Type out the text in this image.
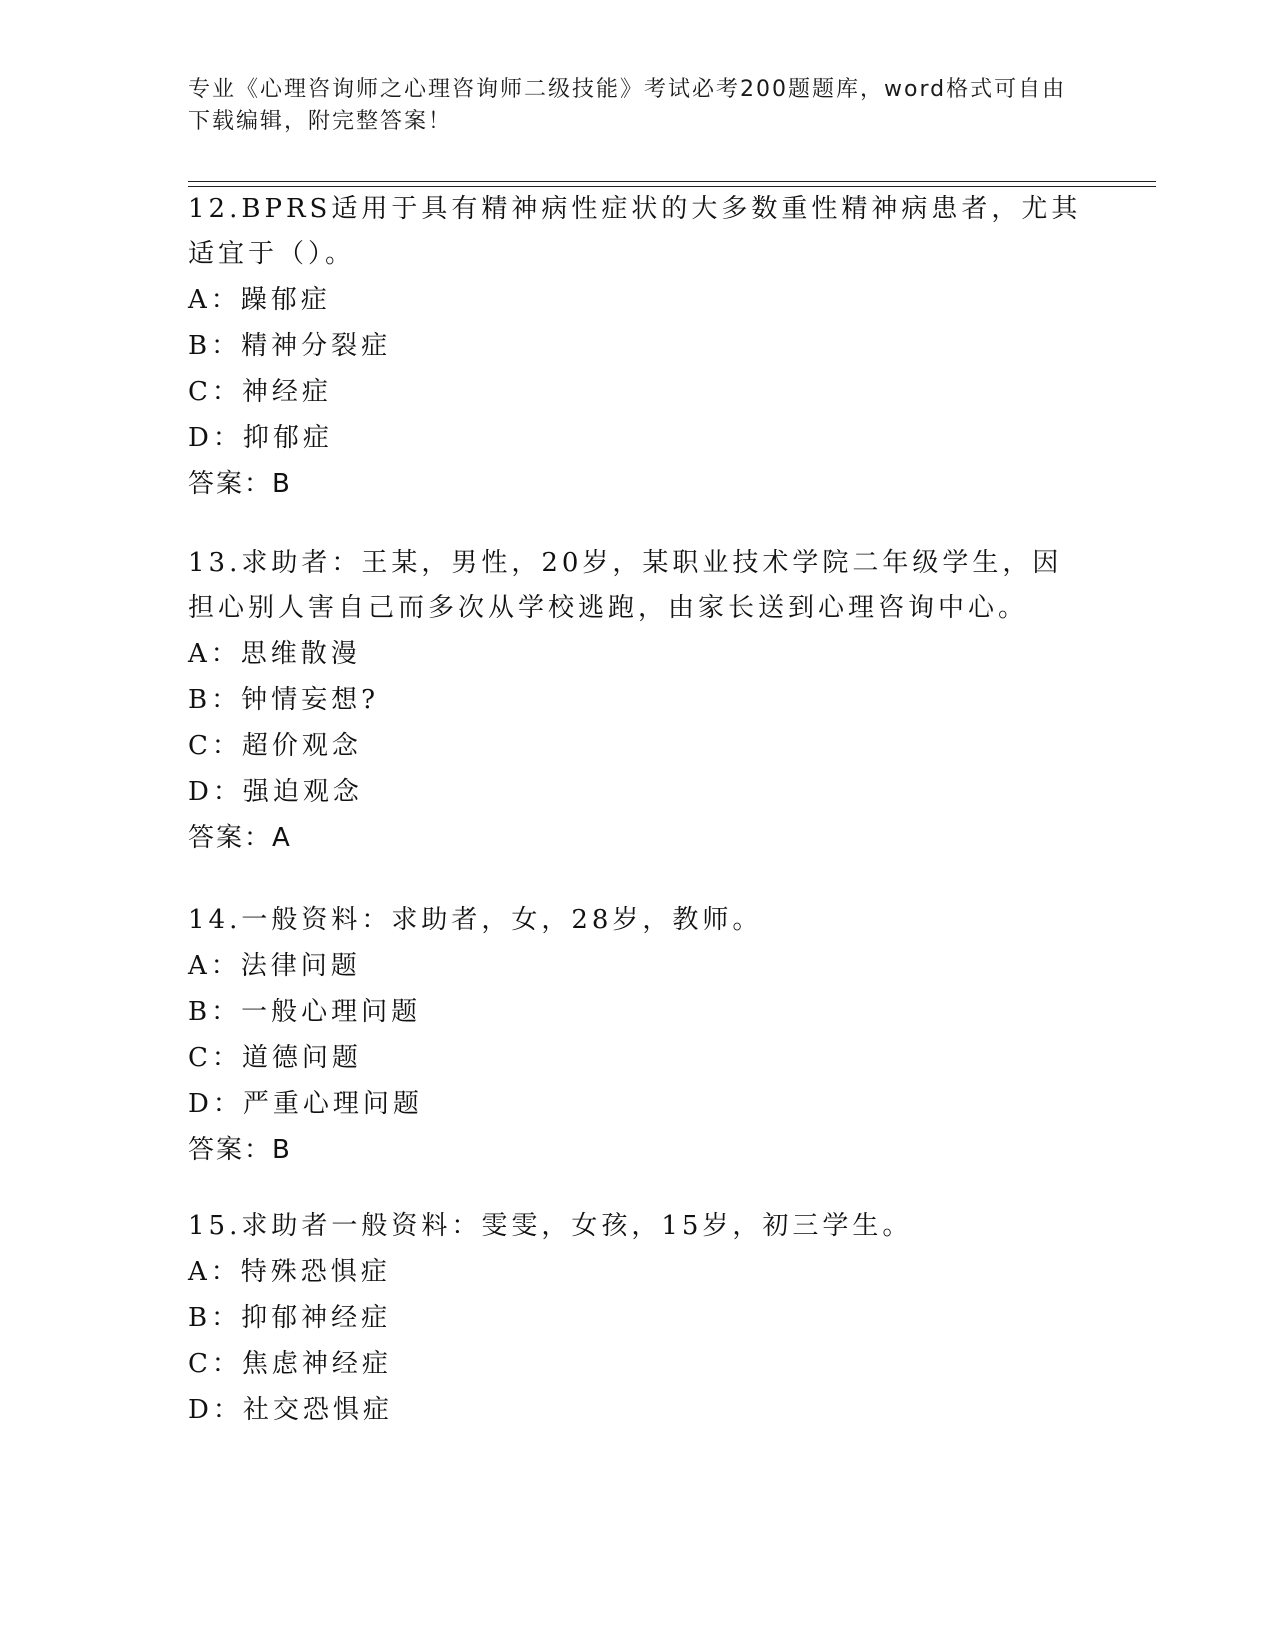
专业《心理咨询师之心理咨询师二级技能》考试必考200题题库，word格式可自由下载编辑，附完整答案！

12.BPRS适用于具有精神病性症状的大多数重性精神病患者，尤其适宜于（）。

A：躁郁症
B：精神分裂症
C：神经症
D：抑郁症
答案：B

13.求助者：王某，男性，20岁，某职业技术学院二年级学生，因担心别人害自己而多次从学校逃跑，由家长送到心理咨询中心。

A：思维散漫
B：钟情妄想?
C：超价观念
D：强迫观念
答案：A

14.一般资料：求助者，女，28岁，教师。

A：法律问题
B：一般心理问题
C：道德问题
D：严重心理问题
答案：B

15.求助者一般资料：雯雯，女孩，15岁，初三学生。

A：特殊恐惧症
B：抑郁神经症
C：焦虑神经症
D：社交恐惧症
